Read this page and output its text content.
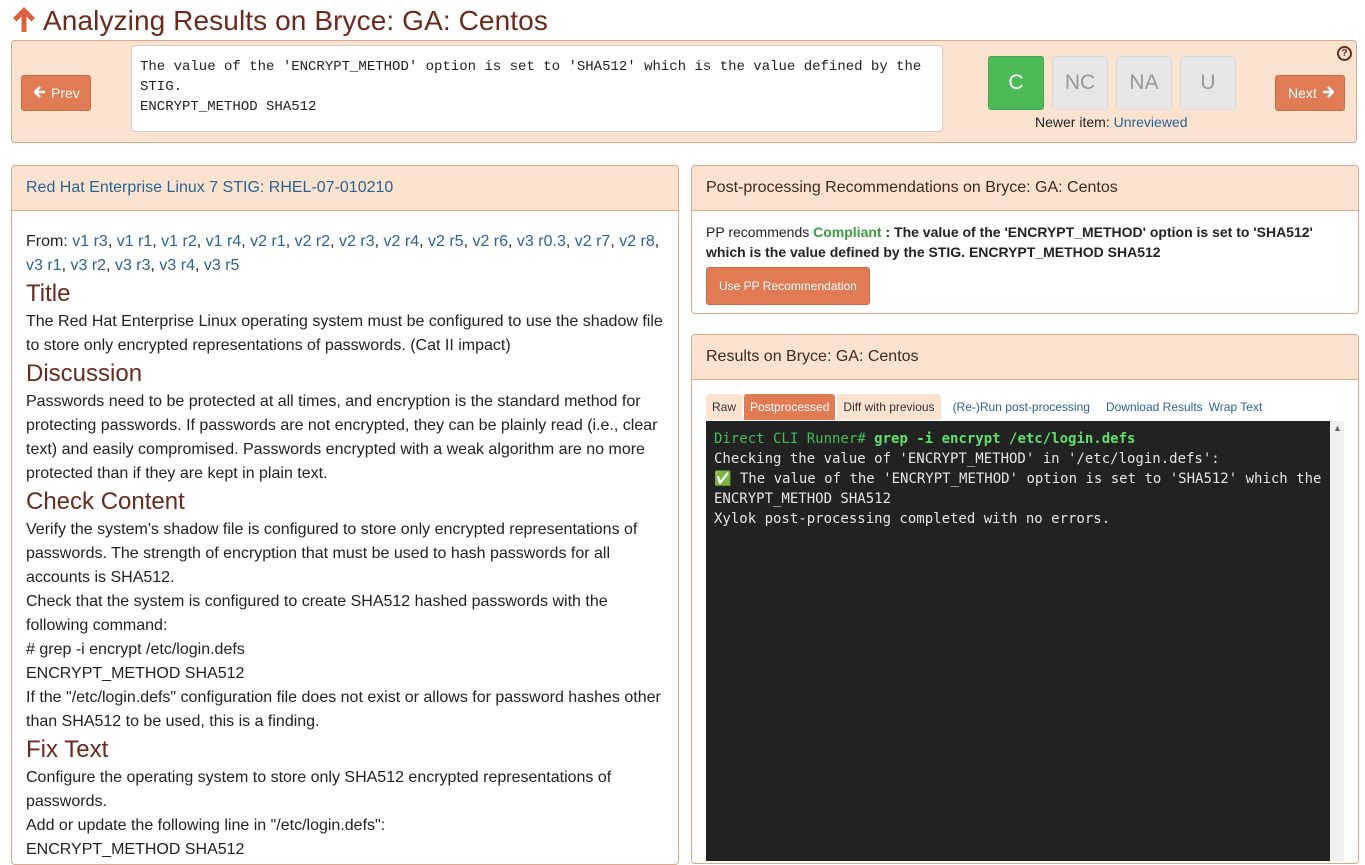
Analyzing Results on Bryce: GA: Centos
Prev
The value of the 'ENCRYPT_METHOD' option is set to 'SHA512' which is the value defined by the STIG. ENCRYPT_METHOD SHA512	C	NC	NA	U
Newer item: Unreviewed
Next
?
Red Hat Enterprise Linux 7 STIG: RHEL-07-010210
From: v1 r3, v1 r1, v1 r2, v1 r4, v2 r1, v2 r2, v2 r3, v2 r4, v2 r5, v2 r6, v3 r0.3, v2 r7, v2 r8, v3 r1, v3 r2, v3 r3, v3 r4, v3 r5
Title

The Red Hat Enterprise Linux operating system must be configured to use the shadow file to store only encrypted representations of passwords. (Cat II impact)

Discussion

Passwords need to be protected at all times, and encryption is the standard method for protecting passwords. If passwords are not encrypted, they can be plainly read (i.e., clear text) and easily compromised. Passwords encrypted with a weak algorithm are no more protected than if they are kept in plain text.

Check Content

Verify the system's shadow file is configured to store only encrypted representations of passwords. The strength of encryption that must be used to hash passwords for all accounts is SHA512.

Check that the system is configured to create SHA512 hashed passwords with the following command:

# grep -i encrypt /etc/login.defs

ENCRYPT_METHOD SHA512

If the "/etc/login.defs" configuration file does not exist or allows for password hashes other than SHA512 to be used, this is a finding.

Fix Text

Configure the operating system to store only SHA512 encrypted representations of passwords.

Add or update the following line in "/etc/login.defs":

ENCRYPT_METHOD SHA512

Post-processing Recommendations on Bryce: GA: Centos
PP recommends Compliant : The value of the 'ENCRYPT_METHOD' option is set to 'SHA512' which is the value defined by the STIG. ENCRYPT_METHOD SHA512
Use PP Recommendation
Results on Bryce: GA: Centos
Raw	Postprocessed	Diff with previous	(Re-)Run post-processing Download Results Wrap Text
Direct CLI Runner# grep -i encrypt /etc/login.defs
Checking the value of 'ENCRYPT_METHOD' in '/etc/login.defs':
✅ The value of the 'ENCRYPT_METHOD' option is set to 'SHA512' which the
ENCRYPT_METHOD SHA512
Xylok post-processing completed with no errors.
▲
